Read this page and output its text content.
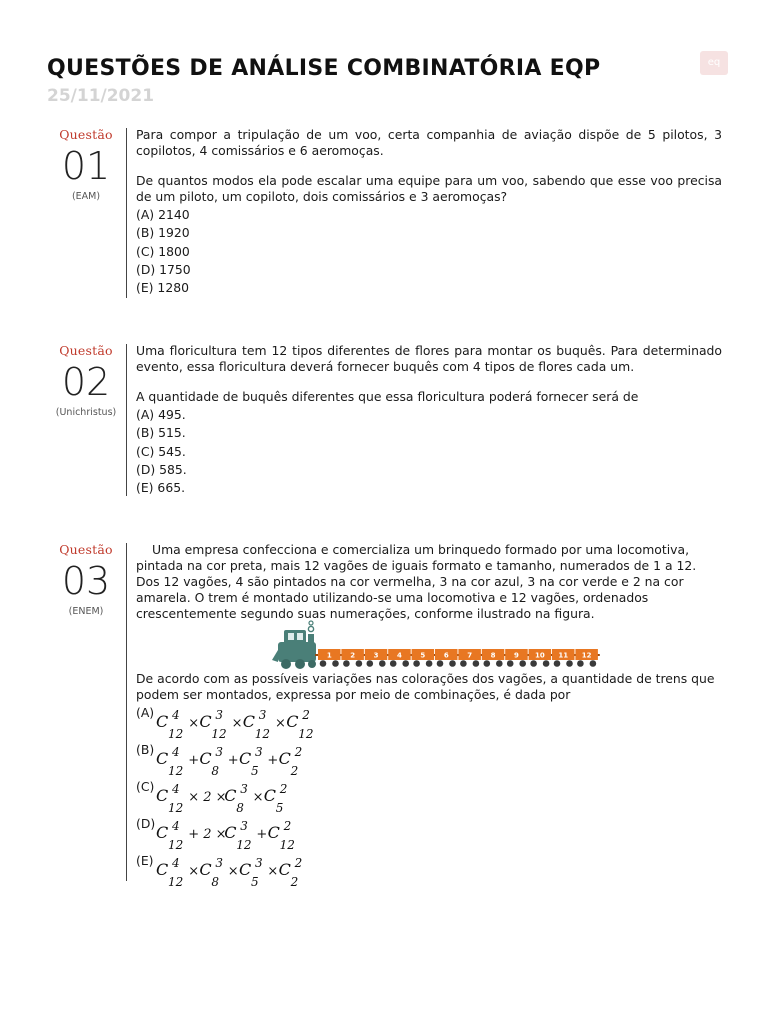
QUESTÕES DE ANÁLISE COMBINATÓRIA EQP
25/11/2021
eq
Questão
01
(EAM)

Para compor a tripulação de um voo, certa companhia de aviação dispõe de 5 pilotos, 3 copilotos, 4 comissários e 6 aeromoças.

De quantos modos ela pode escalar uma equipe para um voo, sabendo que esse voo precisa de um piloto, um copiloto, dois comissários e 3 aeromoças?

(A) 2140
(B) 1920
(C) 1800
(D) 1750
(E) 1280
Questão
02
(Unichristus)

Uma floricultura tem 12 tipos diferentes de flores para montar os buquês. Para determinado evento, essa floricultura deverá fornecer buquês com 4 tipos de flores cada um.

A quantidade de buquês diferentes que essa floricultura poderá fornecer será de

(A) 495.
(B) 515.
(C) 545.
(D) 585.
(E) 665.
Questão
03
(ENEM)

Uma empresa confecciona e comercializa um brinquedo formado por uma locomotiva, pintada na cor preta, mais 12 vagões de iguais formato e tamanho, numerados de 1 a 12. Dos 12 vagões, 4 são pintados na cor vermelha, 3 na cor azul, 3 na cor verde e 2 na cor amarela. O trem é montado utilizando-se uma locomotiva e 12 vagões, ordenados crescentemente segundo suas numerações, conforme ilustrado na figura.

De acordo com as possíveis variações nas colorações dos vagões, a quantidade de trens que podem ser montados, expressa por meio de combinações, é dada por

(A) C 4
12
× C 3
12
× C 3
12
× C 2
12
(B) C 4
12
+ C 3
8
+ C 3
5
+ C 2
2
(C) C 4
12
× 2 ×
C 3
8
× C 2
5
(D) C 4
12
+ 2 ×
C 3
12
+ C 2
12
(E) C 4
12
× C 3
8
× C 3
5
× C 2
2
1	2	3	4	5	6	7	8	9 10 11 12
